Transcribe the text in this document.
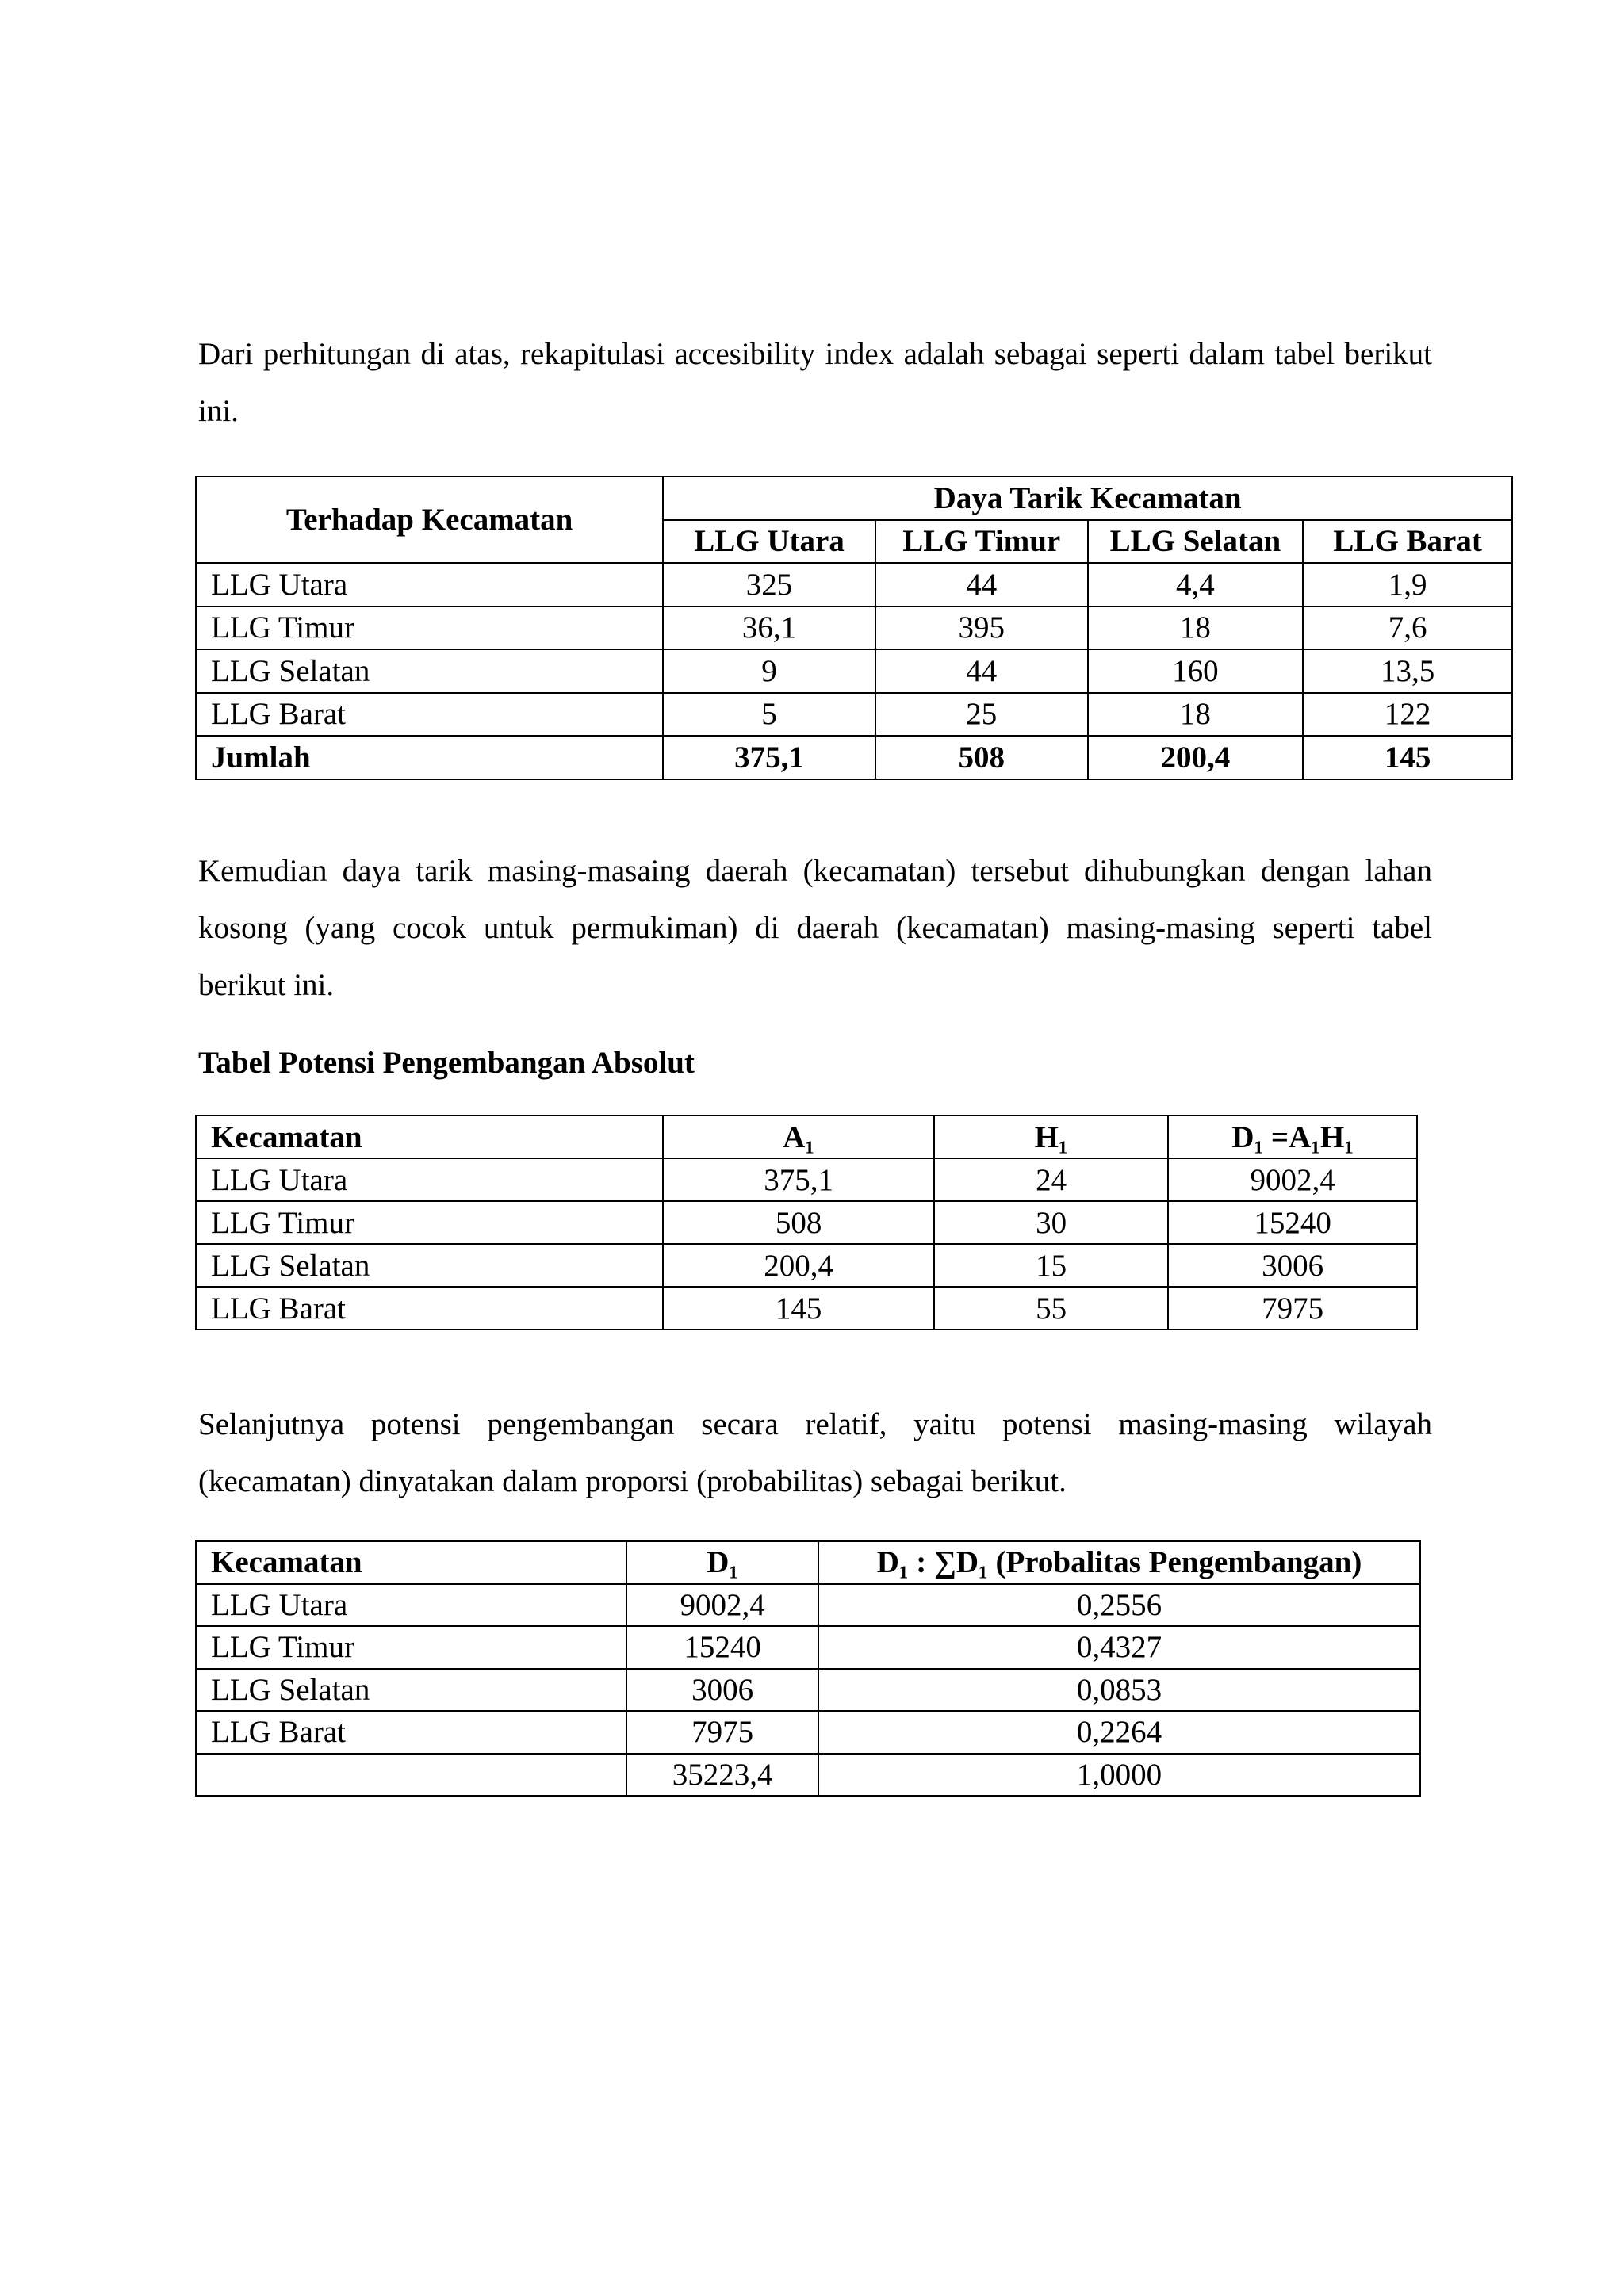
Dari perhitungan di atas, rekapitulasi accesibility index adalah sebagai seperti dalam tabel berikut ini.

Terhadap Kecamatan	Daya Tarik Kecamatan			
	LLG Utara	LLG Timur	LLG Selatan	LLG Barat
LLG Utara	325	44	4,4	1,9
LLG Timur	36,1	395	18	7,6
LLG Selatan	9	44	160	13,5
LLG Barat	5	25	18	122
Jumlah	375,1	508	200,4	145

Kemudian daya tarik masing-masaing daerah (kecamatan) tersebut dihubungkan dengan lahan kosong (yang cocok untuk permukiman) di daerah (kecamatan) masing-masing seperti tabel berikut ini.

Tabel Potensi Pengembangan Absolut

Kecamatan	A₁	H₁	D₁ =A₁H₁
LLG Utara	375,1	24	9002,4
LLG Timur	508	30	15240
LLG Selatan	200,4	15	3006
LLG Barat	145	55	7975

Selanjutnya potensi pengembangan secara relatif, yaitu potensi masing-masing wilayah (kecamatan) dinyatakan dalam proporsi (probabilitas) sebagai berikut.

Kecamatan	D₁	D₁ : ∑D₁ (Probalitas Pengembangan)
LLG Utara	9002,4	0,2556
LLG Timur	15240	0,4327
LLG Selatan	3006	0,0853
LLG Barat	7975	0,2264
	35223,4	1,0000
